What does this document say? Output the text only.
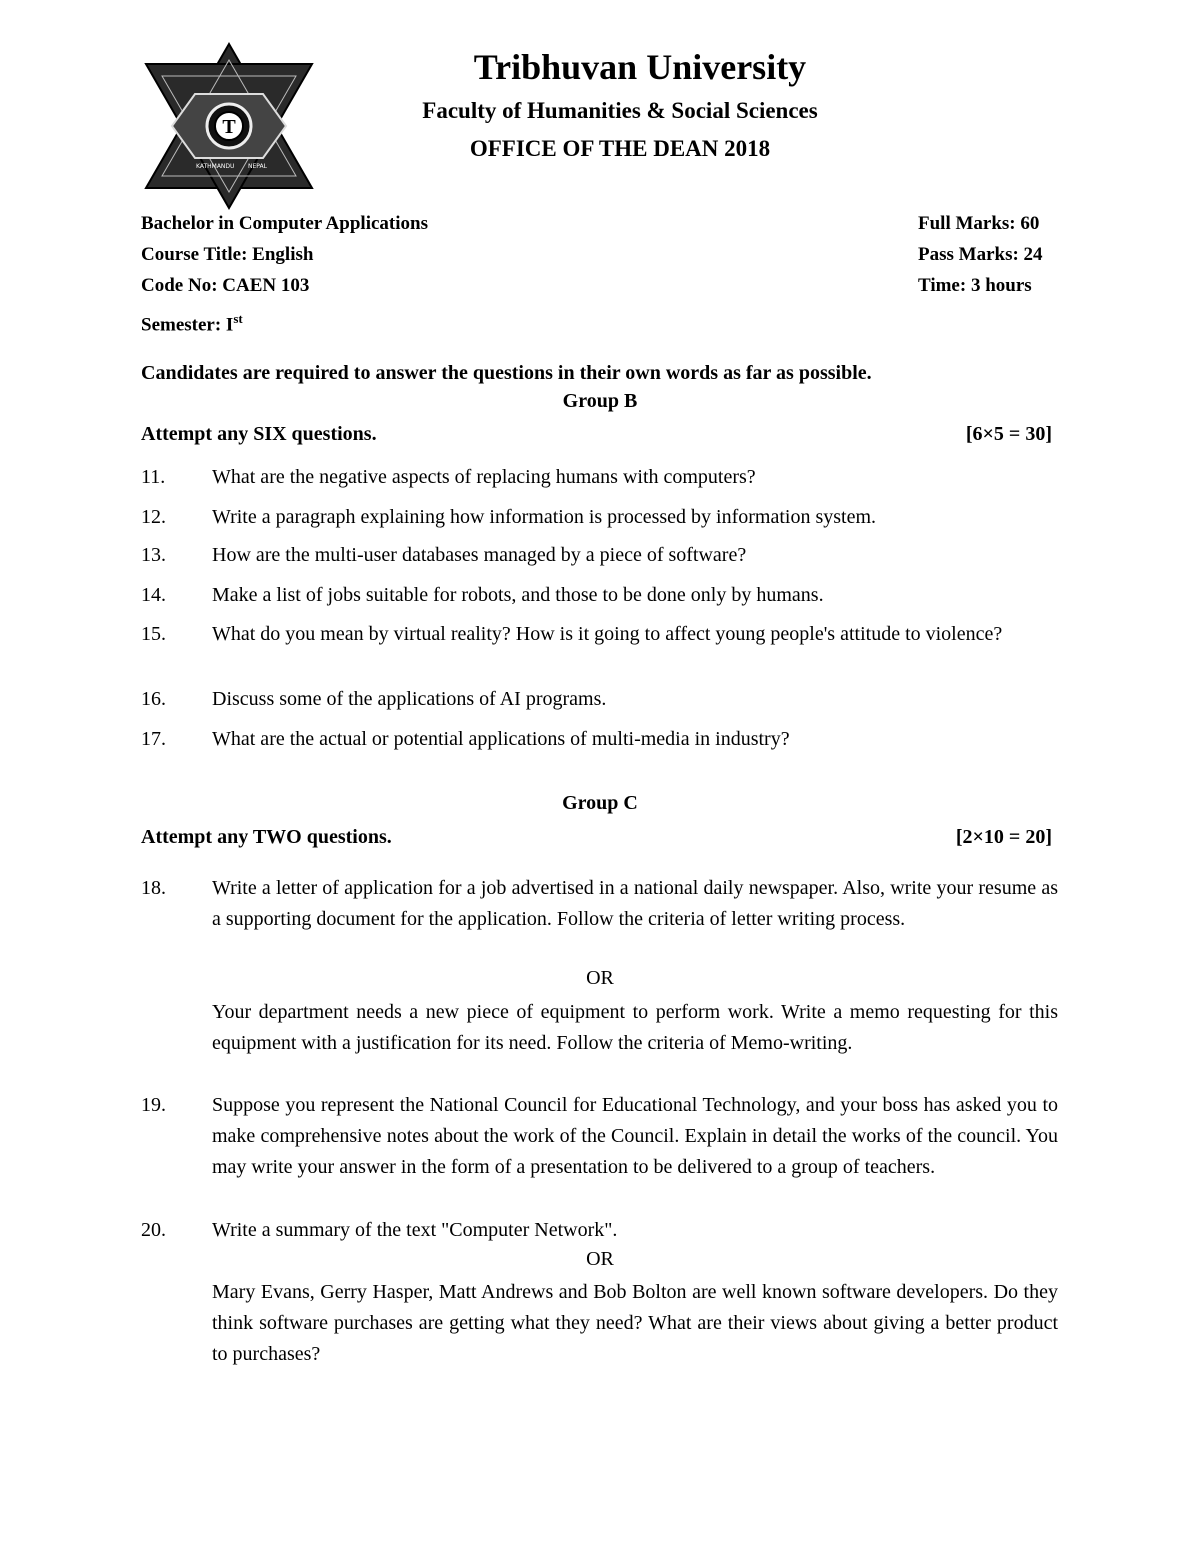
T
KATHMANDU NEPAL
Tribhuvan University
Faculty of Humanities & Social Sciences
OFFICE OF THE DEAN 2018
Bachelor in Computer Applications
Course Title: English
Code No: CAEN 103
Semester: Ist
Full Marks: 60
Pass Marks: 24
Time: 3 hours
Candidates are required to answer the questions in their own words as far as possible.
Group B
Attempt any SIX questions.	[6×5 = 30]
11. What are the negative aspects of replacing humans with computers?
12. Write a paragraph explaining how information is processed by information system.
13. How are the multi-user databases managed by a piece of software?
14. Make a list of jobs suitable for robots, and those to be done only by humans.
15. What do you mean by virtual reality? How is it going to affect young people's attitude to violence?
16. Discuss some of the applications of AI programs.
17. What are the actual or potential applications of multi-media in industry?
Group C
Attempt any TWO questions.	[2×10 = 20]
18. Write a letter of application for a job advertised in a national daily newspaper. Also, write your resume as a supporting document for the application. Follow the criteria of letter writing process.
OR
Your department needs a new piece of equipment to perform work. Write a memo requesting for this equipment with a justification for its need. Follow the criteria of Memo-writing.
19. Suppose you represent the National Council for Educational Technology, and your boss has asked you to make comprehensive notes about the work of the Council. Explain in detail the works of the council. You may write your answer in the form of a presentation to be delivered to a group of teachers.
20. Write a summary of the text "Computer Network".
OR
Mary Evans, Gerry Hasper, Matt Andrews and Bob Bolton are well known software developers. Do they think software purchases are getting what they need? What are their views about giving a better product to purchases?
